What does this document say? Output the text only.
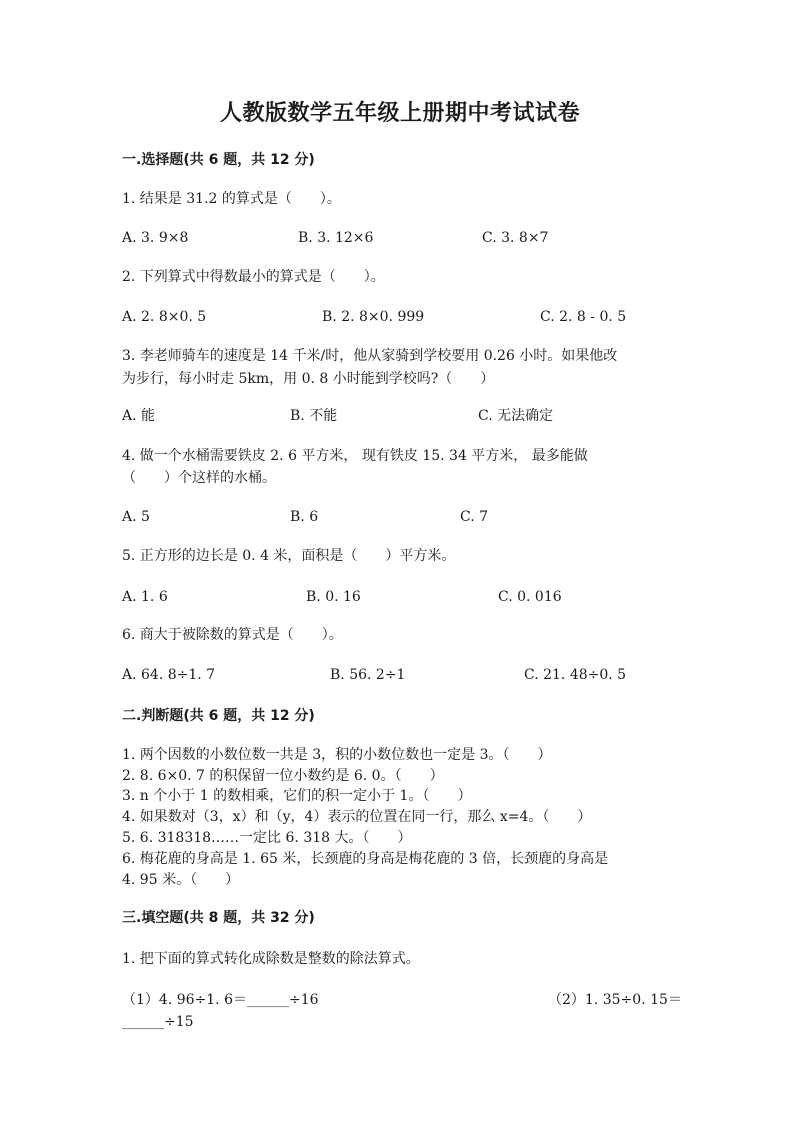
人教版数学五年级上册期中考试试卷
一.选择题(共 6 题，共 12 分)
1. 结果是 31.2 的算式是（　　）。
A. 3. 9×8	B. 3. 12×6	C. 3. 8×7
2. 下列算式中得数最小的算式是（　　）。
A. 2. 8×0. 5	B. 2. 8×0. 999	C. 2. 8 - 0. 5
3. 李老师骑车的速度是 14 千米/时，他从家骑到学校要用 0.26 小时。如果他改
为步行，每小时走 5km，用 0. 8 小时能到学校吗?（　　）
A. 能	B. 不能	C. 无法确定
4. 做一个水桶需要铁皮 2. 6 平方米， 现有铁皮 15. 34 平方米， 最多能做
（　　）个这样的水桶。
A. 5	B. 6	C. 7
5. 正方形的边长是 0. 4 米，面积是（　　）平方米。
A. 1. 6	B. 0. 16	C. 0. 016
6. 商大于被除数的算式是（　　）。
A. 64. 8÷1. 7	B. 56. 2÷1	C. 21. 48÷0. 5
二.判断题(共 6 题，共 12 分)
1. 两个因数的小数位数一共是 3，积的小数位数也一定是 3。（　　）
2. 8. 6×0. 7 的积保留一位小数约是 6. 0。（　　）
3. n 个小于 1 的数相乘，它们的积一定小于 1。（　　）
4. 如果数对（3，x）和（y，4）表示的位置在同一行，那么 x=4。（　　）
5. 6. 318318……一定比 6. 318 大。（　　）
6. 梅花鹿的身高是 1. 65 米，长颈鹿的身高是梅花鹿的 3 倍，长颈鹿的身高是
4. 95 米。（　　）
三.填空题(共 8 题，共 32 分)
1. 把下面的算式转化成除数是整数的除法算式。
（1）4. 96÷1. 6＝______÷16	（2）1. 35÷0. 15＝
______÷15
